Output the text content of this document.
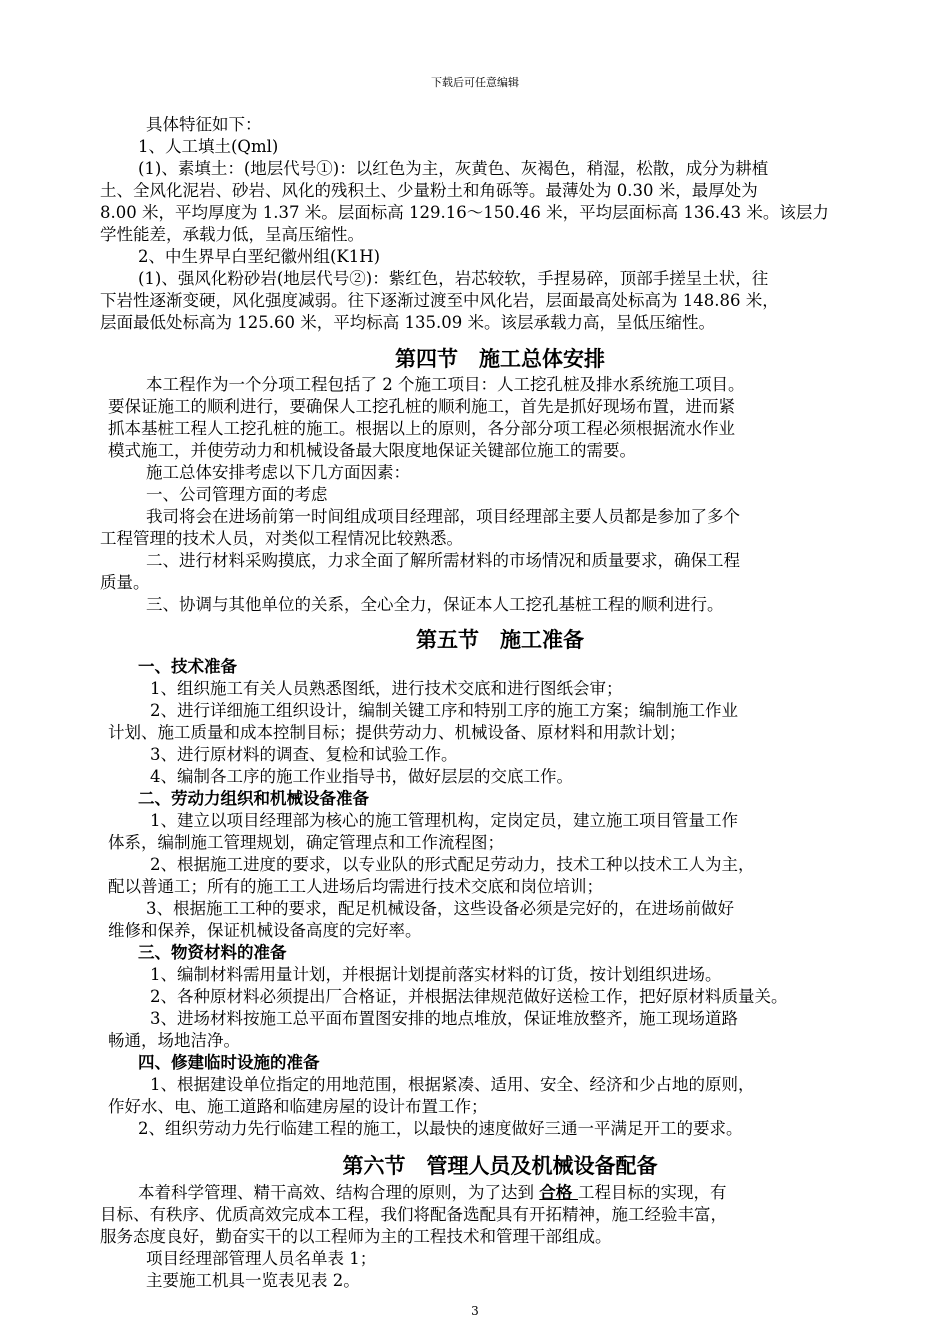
下载后可任意编辑
具体特征如下：
1、人工填土(Qml)
(1)、素填土：(地层代号①)：以红色为主，灰黄色、灰褐色，稍湿，松散，成分为耕植
土、全风化泥岩、砂岩、风化的残积土、少量粉土和角砾等。最薄处为 0.30 米，最厚处为
8.00 米，平均厚度为 1.37 米。层面标高 129.16～150.46 米，平均层面标高 136.43 米。该层力
学性能差，承载力低，呈高压缩性。
2、中生界早白垩纪徽州组(K1H)
(1)、强风化粉砂岩(地层代号②)：紫红色，岩芯较软，手捏易碎，顶部手搓呈土状，往
下岩性逐渐变硬，风化强度减弱。往下逐渐过渡至中风化岩，层面最高处标高为 148.86 米，
层面最低处标高为 125.60 米，平均标高 135.09 米。该层承载力高，呈低压缩性。
第四节　施工总体安排
本工程作为一个分项工程包括了 2 个施工项目：人工挖孔桩及排水系统施工项目。
要保证施工的顺利进行，要确保人工挖孔桩的顺利施工，首先是抓好现场布置，进而紧
抓本基桩工程人工挖孔桩的施工。根据以上的原则，各分部分项工程必须根据流水作业
模式施工，并使劳动力和机械设备最大限度地保证关键部位施工的需要。
施工总体安排考虑以下几方面因素：
一、公司管理方面的考虑
我司将会在进场前第一时间组成项目经理部，项目经理部主要人员都是参加了多个
工程管理的技术人员，对类似工程情况比较熟悉。
二、进行材料采购摸底，力求全面了解所需材料的市场情况和质量要求，确保工程
质量。
三、协调与其他单位的关系，全心全力，保证本人工挖孔基桩工程的顺利进行。
第五节　施工准备
一、技术准备
1、组织施工有关人员熟悉图纸，进行技术交底和进行图纸会审；
2、进行详细施工组织设计，编制关键工序和特别工序的施工方案；编制施工作业
计划、施工质量和成本控制目标；提供劳动力、机械设备、原材料和用款计划；
3、进行原材料的调查、复检和试验工作。
4、编制各工序的施工作业指导书，做好层层的交底工作。
二、劳动力组织和机械设备准备
1、建立以项目经理部为核心的施工管理机构，定岗定员，建立施工项目管量工作
体系，编制施工管理规划，确定管理点和工作流程图；
2、根据施工进度的要求，以专业队的形式配足劳动力，技术工种以技术工人为主，
配以普通工；所有的施工工人进场后均需进行技术交底和岗位培训；
3、根据施工工种的要求，配足机械设备，这些设备必须是完好的，在进场前做好
维修和保养，保证机械设备高度的完好率。
三、物资材料的准备
1、编制材料需用量计划，并根据计划提前落实材料的订货，按计划组织进场。
2、各种原材料必须提出厂合格证，并根据法律规范做好送检工作，把好原材料质量关。
3、进场材料按施工总平面布置图安排的地点堆放，保证堆放整齐，施工现场道路
畅通，场地洁净。
四、修建临时设施的准备
1、根据建设单位指定的用地范围，根据紧凑、适用、安全、经济和少占地的原则，
作好水、电、施工道路和临建房屋的设计布置工作；
2、组织劳动力先行临建工程的施工，以最快的速度做好三通一平满足开工的要求。
第六节　管理人员及机械设备配备
本着科学管理、精干高效、结构合理的原则，为了达到 合格 工程目标的实现，有
目标、有秩序、优质高效完成本工程，我们将配备选配具有开拓精神，施工经验丰富，
服务态度良好，勤奋实干的以工程师为主的工程技术和管理干部组成。
项目经理部管理人员名单表 1；
主要施工机具一览表见表 2。
3
